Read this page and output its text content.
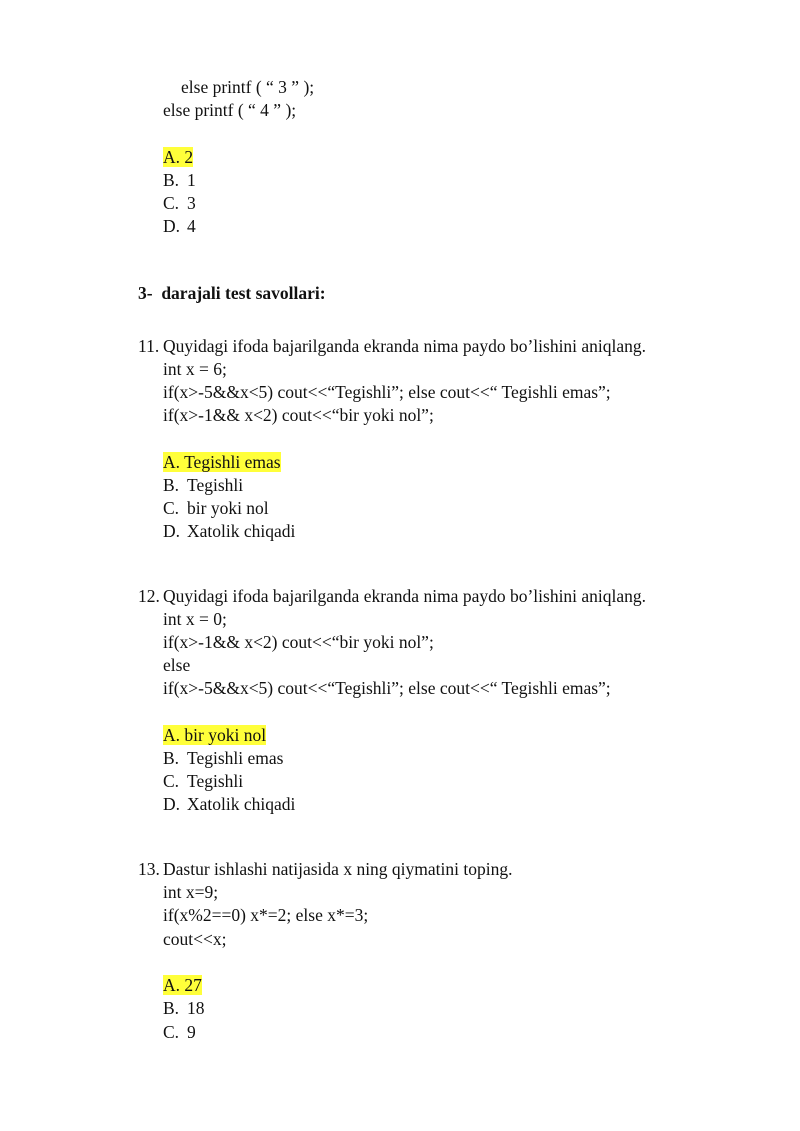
else printf ( “ 3 ” );
else printf ( “ 4 ” );
A. 2
B. 1
C. 3
D. 4
3- darajali test savollari:
11. Quyidagi ifoda bajarilganda ekranda nima paydo bo’lishini aniqlang.
int x = 6;
if(x>-5&&x<5) cout<<“Tegishli”; else cout<<“ Tegishli emas”;
if(x>-1&& x<2) cout<<“bir yoki nol”;
A. Tegishli emas
B. Tegishli
C. bir yoki nol
D. Xatolik chiqadi
12. Quyidagi ifoda bajarilganda ekranda nima paydo bo’lishini aniqlang.
int x = 0;
if(x>-1&& x<2) cout<<“bir yoki nol”;
else
if(x>-5&&x<5) cout<<“Tegishli”; else cout<<“ Tegishli emas”;
A. bir yoki nol
B. Tegishli emas
C. Tegishli
D. Xatolik chiqadi
13. Dastur ishlashi natijasida x ning qiymatini toping.
int x=9;
if(x%2==0) x*=2; else x*=3;
cout<<x;
A. 27
B. 18
C. 9
